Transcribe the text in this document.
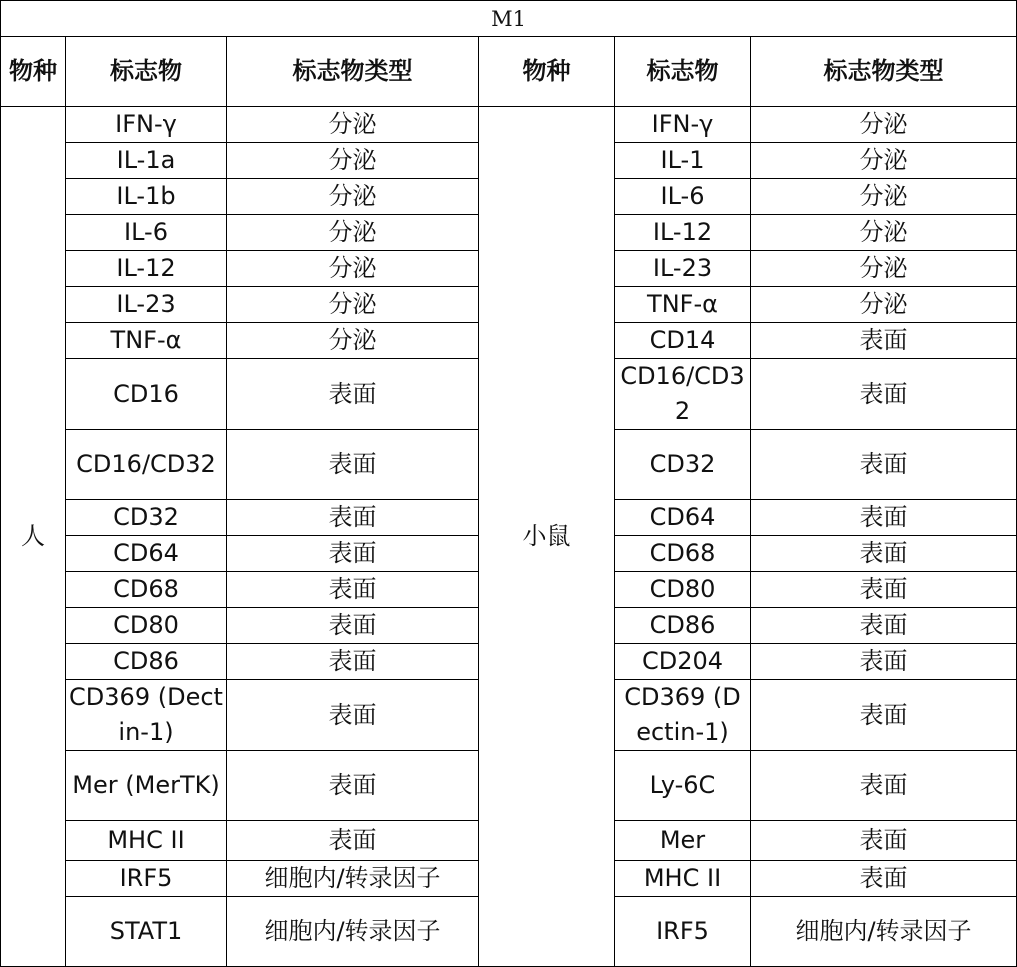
M1					
物种	标志物	标志物类型	物种	标志物	标志物类型
人	IFN-γ	分泌	小鼠	IFN-γ	分泌
	IL-1a	分泌		IL-1	分泌
	IL-1b	分泌		IL-6	分泌
	IL-6	分泌		IL-12	分泌
	IL-12	分泌		IL-23	分泌
	IL-23	分泌		TNF-α	分泌
	TNF-α	分泌		CD14	表面
	CD16	表面		CD16/CD32	表面
	CD16/CD32	表面		CD32	表面
	CD32	表面		CD64	表面
	CD64	表面		CD68	表面
	CD68	表面		CD80	表面
	CD80	表面		CD86	表面
	CD86	表面		CD204	表面
	CD369 (Dectin-1)	表面		CD369 (Dectin-1)	表面
	Mer (MerTK)	表面		Ly-6C	表面
	MHC II	表面		Mer	表面
	IRF5	细胞内/转录因子		MHC II	表面
	STAT1	细胞内/转录因子		IRF5	细胞内/转录因子
